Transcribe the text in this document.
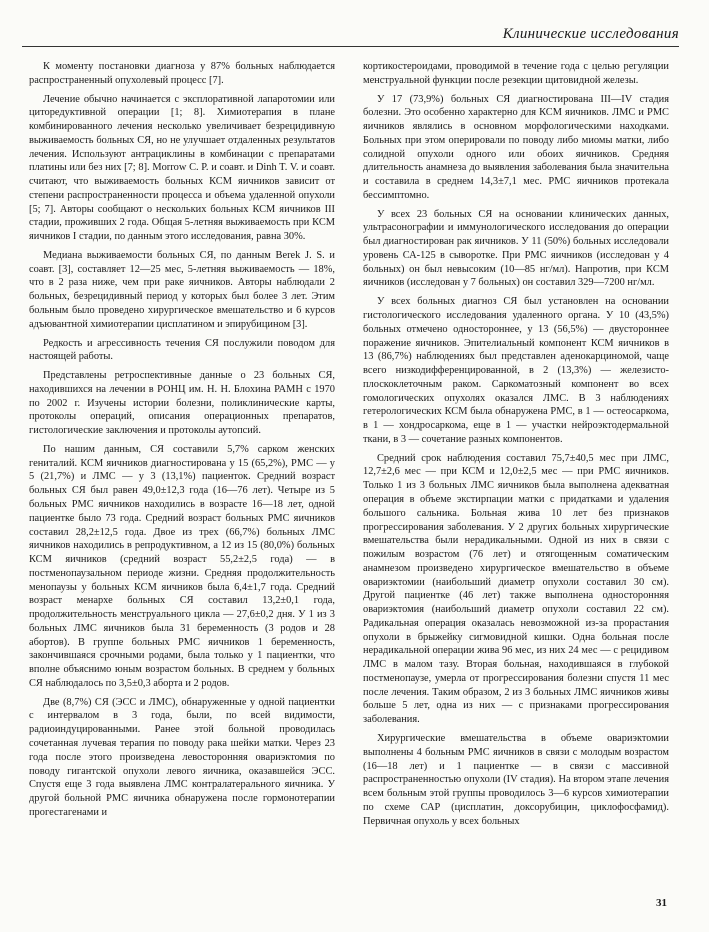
Клинические исследования

К моменту постановки диагноза у 87% больных наблюдается распространенный опухолевый процесс [7].

Лечение обычно начинается с эксплоративной лапаротомии или циторедуктивной операции [1; 8]. Химиотерапия в плане комбинированного лечения несколько увеличивает безрецидивную выживаемость больных СЯ, но не улучшает отдаленных результатов лечения. Используют антрациклины в комбинации с препаратами платины или без них [7; 8]. Morrow C. P. и соавт. и Dinh T. V. и соавт. считают, что выживаемость больных КСМ яичников зависит от степени распространенности процесса и объема удаленной опухоли [5; 7]. Авторы сообщают о нескольких больных КСМ яичников III стадии, проживших 2 года. Общая 5-летняя выживаемость при КСМ яичников I стадии, по данным этого исследования, равна 30%.

Медиана выживаемости больных СЯ, по данным Berek J. S. и соавт. [3], составляет 12—25 мес, 5-летняя выживаемость — 18%, что в 2 раза ниже, чем при раке яичников. Авторы наблюдали 2 больных, безрецидивный период у которых был более 3 лет. Этим больным было проведено хирургическое вмешательство и 6 курсов адъювантной химиотерапии цисплатином и эпирубицином [3].

Редкость и агрессивность течения СЯ послужили поводом для настоящей работы.

Представлены ретроспективные данные о 23 больных СЯ, находившихся на лечении в РОНЦ им. Н. Н. Блохина РАМН с 1970 по 2002 г. Изучены истории болезни, поликлинические карты, протоколы операций, описания операционных препаратов, гистологические заключения и протоколы аутопсий.

По нашим данным, СЯ составили 5,7% сарком женских гениталий. КСМ яичников диагностирована у 15 (65,2%), РМС — у 5 (21,7%) и ЛМС — у 3 (13,1%) пациенток. Средний возраст больных СЯ был равен 49,0±12,3 года (16—76 лет). Четыре из 5 больных РМС яичников находились в возрасте 16—18 лет, одной пациентке было 73 года. Средний возраст больных РМС яичников составил 28,2±12,5 года. Двое из трех (66,7%) больных ЛМС яичников находились в репродуктивном, а 12 из 15 (80,0%) больных КСМ яичников (средний возраст 55,2±2,5 года) — в постменопаузальном периоде жизни. Средняя продолжительность менопаузы у больных КСМ яичников была 6,4±1,7 года. Средний возраст менархе больных СЯ составил 13,2±0,1 года, продолжительность менструального цикла — 27,6±0,2 дня. У 1 из 3 больных ЛМС яичников была 31 беременность (3 родов и 28 абортов). В группе больных РМС яичников 1 беременность, закончившаяся срочными родами, была только у 1 пациентки, что вполне объяснимо юным возрастом больных. В среднем у больных СЯ наблюдалось по 3,5±0,3 аборта и 2 родов.

Две (8,7%) СЯ (ЭСС и ЛМС), обнаруженные у одной пациентки с интервалом в 3 года, были, по всей видимости, радиоиндуцированными. Ранее этой больной проводилась сочетанная лучевая терапия по поводу рака шейки матки. Через 23 года после этого произведена левосторонняя овариэктомия по поводу гигантской опухоли левого яичника, оказавшейся ЭСС. Спустя еще 3 года выявлена ЛМС контралатерального яичника. У другой больной РМС яичника обнаружена после гормонотерапии прогестагенами и

кортикостероидами, проводимой в течение года с целью регуляции менструальной функции после резекции щитовидной железы.

У 17 (73,9%) больных СЯ диагностирована III—IV стадия болезни. Это особенно характерно для КСМ яичников. ЛМС и РМС яичников являлись в основном морфологическими находками. Больных при этом оперировали по поводу либо миомы матки, либо солидной опухоли одного или обоих яичников. Средняя длительность анамнеза до выявления заболевания была значительна и составила в среднем 14,3±7,1 мес. РМС яичников протекала бессимптомно.

У всех 23 больных СЯ на основании клинических данных, ультрасонографии и иммунологического исследования до операции был диагностирован рак яичников. У 11 (50%) больных исследовали уровень СА-125 в сыворотке. При РМС яичников (исследован у 4 больных) он был невысоким (10—85 нг/мл). Напротив, при КСМ яичников (исследован у 7 больных) он составил 329—7200 нг/мл.

У всех больных диагноз СЯ был установлен на основании гистологического исследования удаленного органа. У 10 (43,5%) больных отмечено одностороннее, у 13 (56,5%) — двустороннее поражение яичников. Эпителиальный компонент КСМ яичников в 13 (86,7%) наблюдениях был представлен аденокарциномой, чаще всего низкодифференцированной, в 2 (13,3%) — железисто-плоскоклеточным раком. Саркоматозный компонент во всех гомологических опухолях оказался ЛМС. В 3 наблюдениях гетерологических КСМ была обнаружена РМС, в 1 — остеосаркома, в 1 — хондросаркома, еще в 1 — участки нейроэктодермальной ткани, в 3 — сочетание разных компонентов.

Средний срок наблюдения составил 75,7±40,5 мес при ЛМС, 12,7±2,6 мес — при КСМ и 12,0±2,5 мес — при РМС яичников. Только 1 из 3 больных ЛМС яичников была выполнена адекватная операция в объеме экстирпации матки с придатками и удаления большого сальника. Больная жива 10 лет без признаков прогрессирования заболевания. У 2 других больных хирургические вмешательства были нерадикальными. Одной из них в связи с пожилым возрастом (76 лет) и отягощенным соматическим анамнезом произведено хирургическое вмешательство в объеме овариэктомии (наибольший диаметр опухоли составил 30 см). Другой пациентке (46 лет) также выполнена односторонняя овариэктомия (наибольший диаметр опухоли составил 22 см). Радикальная операция оказалась невозможной из-за прорастания опухоли в брыжейку сигмовидной кишки. Одна больная после нерадикальной операции жива 96 мес, из них 24 мес — с рецидивом ЛМС в малом тазу. Вторая больная, находившаяся в глубокой постменопаузе, умерла от прогрессирования болезни спустя 11 мес после лечения. Таким образом, 2 из 3 больных ЛМС яичников живы больше 5 лет, одна из них — с признаками прогрессирования заболевания.

Хирургические вмешательства в объеме овариэктомии выполнены 4 больным РМС яичников в связи с молодым возрастом (16—18 лет) и 1 пациентке — в связи с массивной распространенностью опухоли (IV стадия). На втором этапе лечения всем больным этой группы проводилось 3—6 курсов химиотерапии по схеме САР (цисплатин, доксорубицин, циклофосфамид). Первичная опухоль у всех больных

31
